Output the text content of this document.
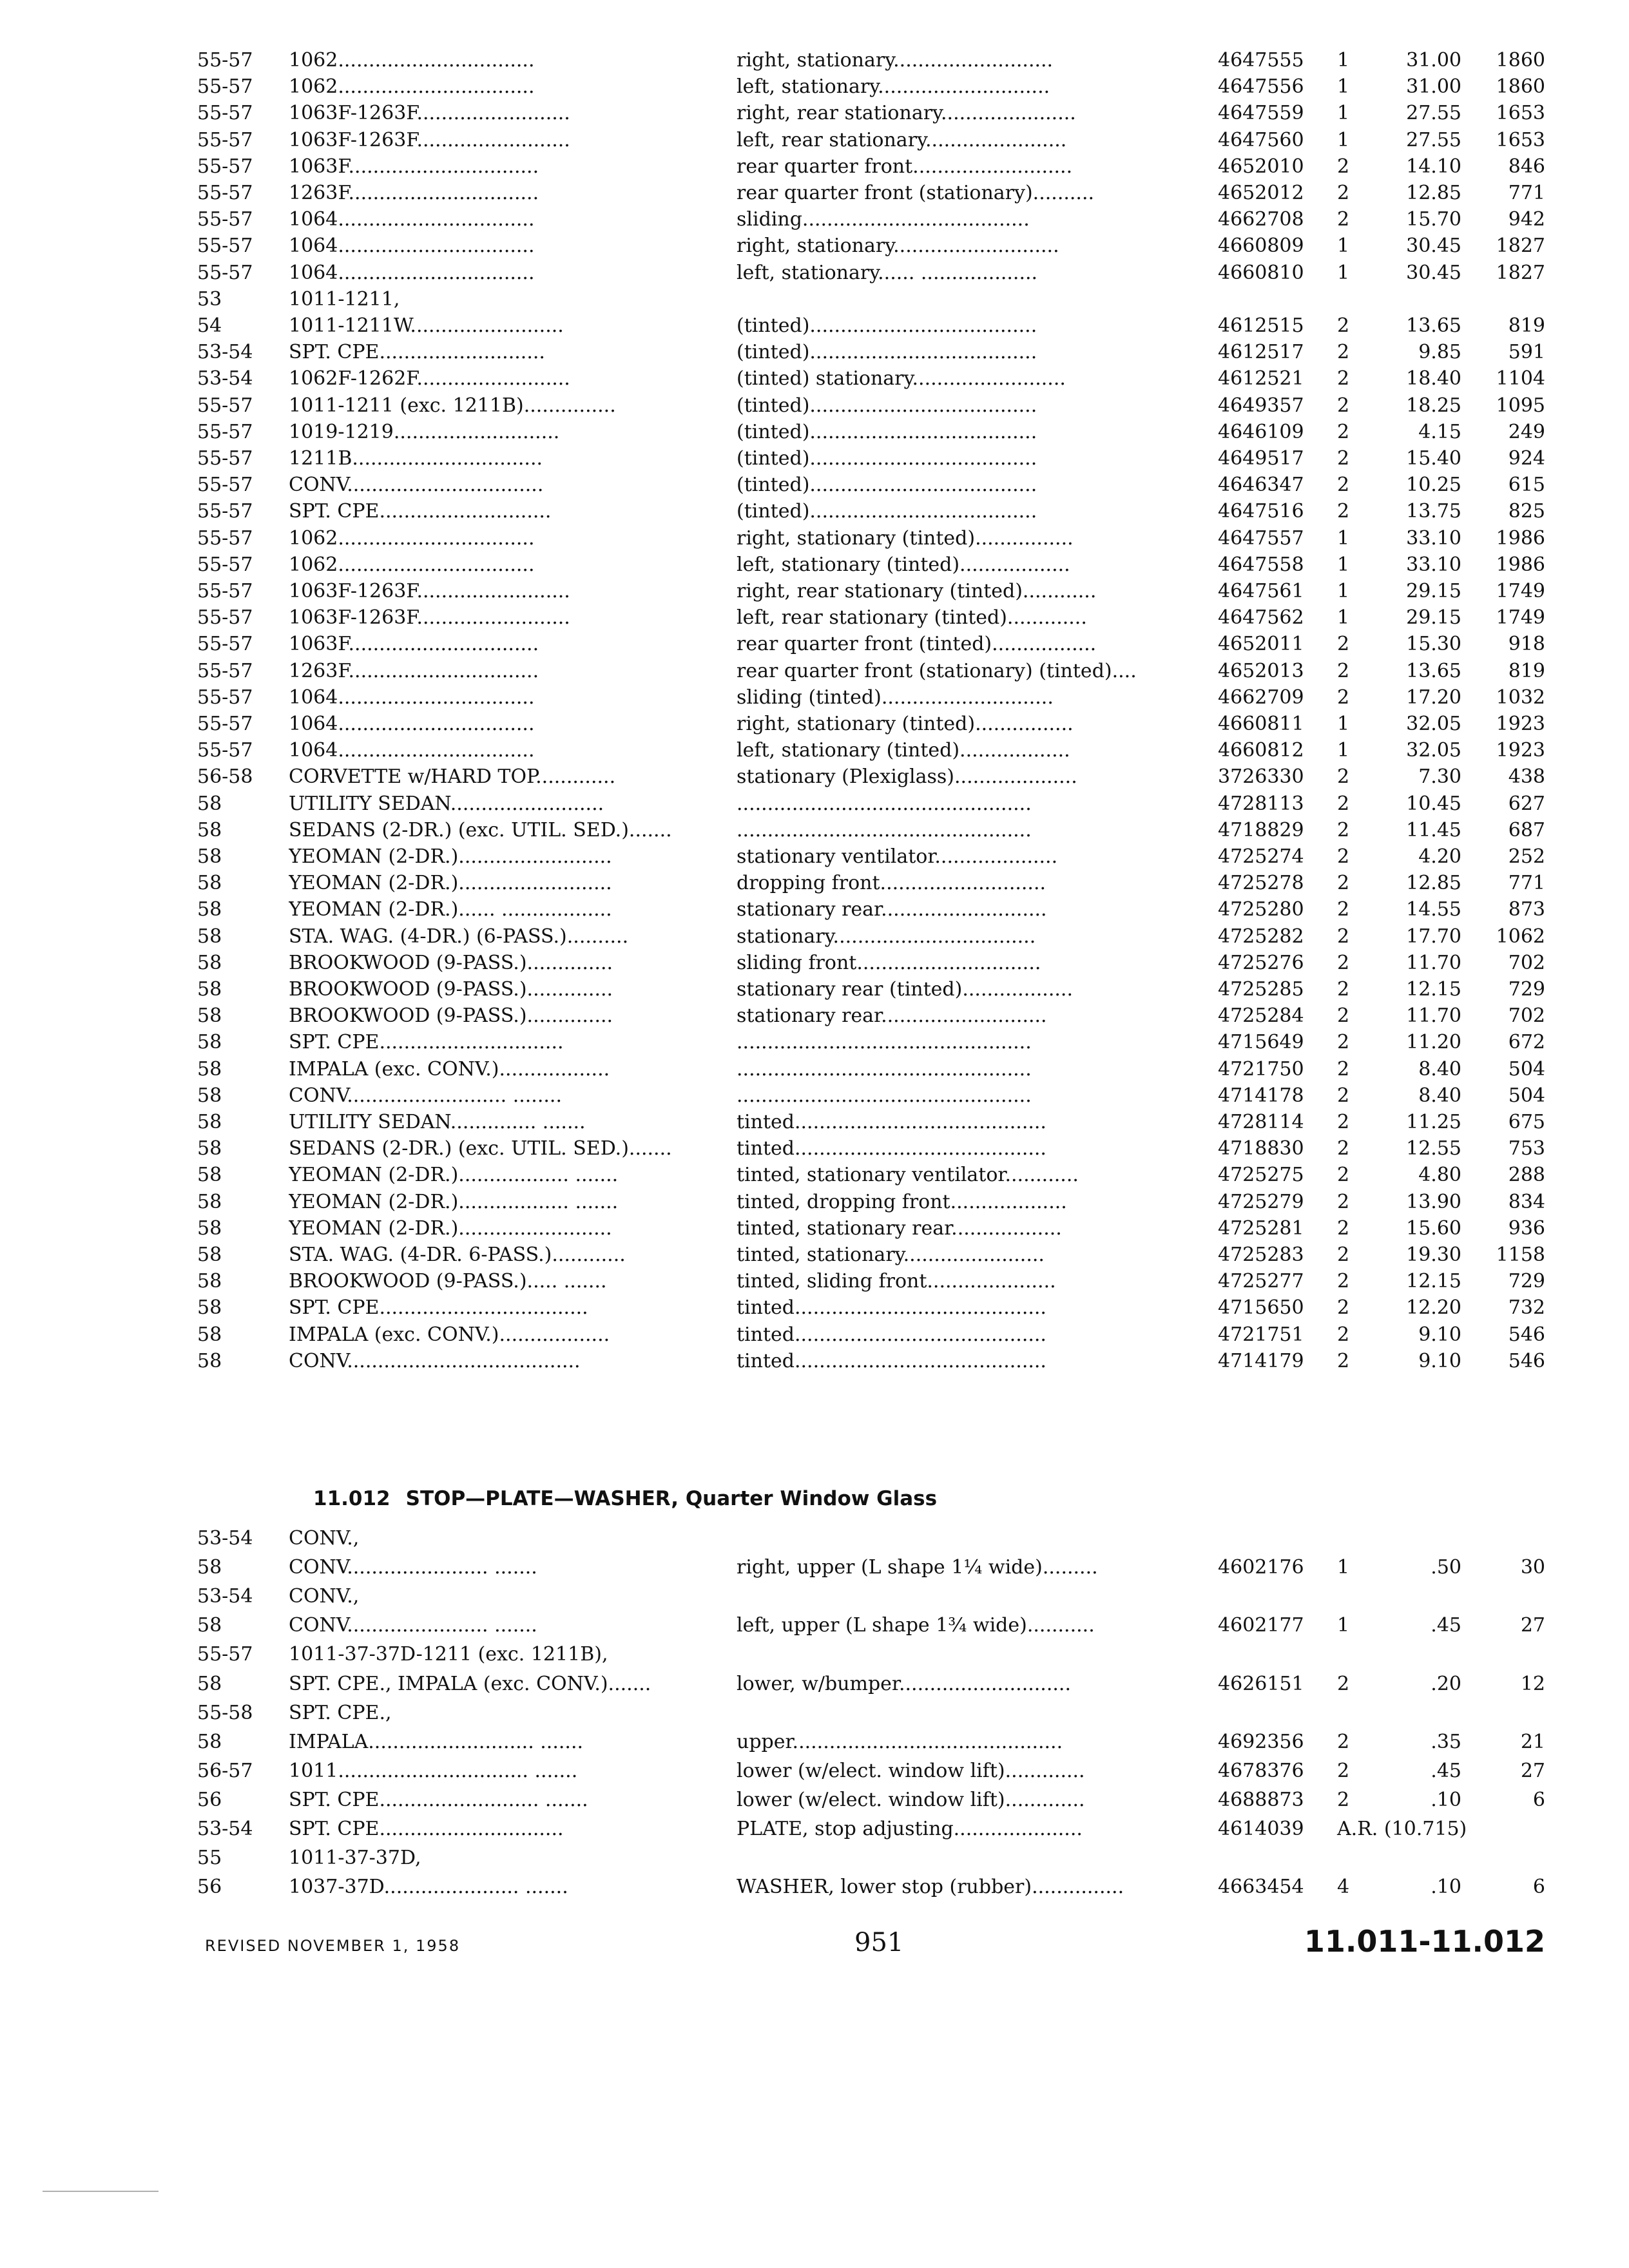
55-57 1062................................	right, stationary..........................	4647555 1	31.00 1860
55-57 1062................................	left, stationary............................	4647556 1	31.00 1860
55-57 1063F-1263F.........................	right, rear stationary......................	4647559 1	27.55 1653
55-57 1063F-1263F.........................	left, rear stationary.......................	4647560 1	27.55 1653
55-57 1063F...............................	rear quarter front..........................	4652010 2	14.10 846
55-57 1263F...............................	rear quarter front (stationary)..........	4652012 2	12.85 771
55-57 1064................................	sliding.....................................	4662708 2	15.70 942
55-57 1064................................	right, stationary...........................	4660809 1	30.45 1827
55-57 1064................................	left, stationary...... ...................	4660810 1	30.45 1827
53	1011-1211,
54	1011-1211W.........................	(tinted).....................................	4612515 2	13.65 819
53-54 SPT. CPE...........................	(tinted).....................................	4612517 2	9.85 591
53-54 1062F-1262F.........................	(tinted) stationary.........................	4612521 2	18.40 1104
55-57 1011-1211 (exc. 1211B)...............	(tinted).....................................	4649357 2	18.25 1095
55-57 1019-1219...........................	(tinted).....................................	4646109 2	4.15 249
55-57 1211B...............................	(tinted).....................................	4649517 2	15.40 924
55-57 CONV................................	(tinted).....................................	4646347 2	10.25 615
55-57 SPT. CPE............................	(tinted).....................................	4647516 2	13.75 825
55-57 1062................................	right, stationary (tinted)................	4647557 1	33.10 1986
55-57 1062................................	left, stationary (tinted)..................	4647558 1	33.10 1986
55-57 1063F-1263F.........................	right, rear stationary (tinted)............	4647561 1	29.15 1749
55-57 1063F-1263F.........................	left, rear stationary (tinted).............	4647562 1	29.15 1749
55-57 1063F...............................	rear quarter front (tinted).................	4652011 2	15.30 918
55-57 1263F...............................	rear quarter front (stationary) (tinted)....	4652013 2	13.65 819
55-57 1064................................	sliding (tinted)............................	4662709 2	17.20 1032
55-57 1064................................	right, stationary (tinted)................	4660811 1	32.05 1923
55-57 1064................................	left, stationary (tinted)..................	4660812 1	32.05 1923
56-58 CORVETTE w/HARD TOP.............	stationary (Plexiglass)....................	3726330 2	7.30 438
58	UTILITY SEDAN.........................	................................................	4728113 2	10.45 627
58	SEDANS (2-DR.) (exc. UTIL. SED.).......	................................................	4718829 2	11.45 687
58	YEOMAN (2-DR.).........................	stationary ventilator....................	4725274 2	4.20 252
58	YEOMAN (2-DR.).........................	dropping front...........................	4725278 2	12.85 771
58	YEOMAN (2-DR.)...... ..................	stationary rear...........................	4725280 2	14.55 873
58	STA. WAG. (4-DR.) (6-PASS.)..........	stationary.................................	4725282 2	17.70 1062
58	BROOKWOOD (9-PASS.)..............	sliding front..............................	4725276 2	11.70 702
58	BROOKWOOD (9-PASS.)..............	stationary rear (tinted)..................	4725285 2	12.15 729
58	BROOKWOOD (9-PASS.)..............	stationary rear...........................	4725284 2	11.70 702
58	SPT. CPE..............................	................................................	4715649 2	11.20 672
58	IMPALA (exc. CONV.)..................	................................................	4721750 2	8.40 504
58	CONV.......................... ........	................................................	4714178 2	8.40 504
58	UTILITY SEDAN.............. .......	tinted.........................................	4728114 2	11.25 675
58	SEDANS (2-DR.) (exc. UTIL. SED.).......	tinted.........................................	4718830 2	12.55 753
58	YEOMAN (2-DR.).................. .......	tinted, stationary ventilator............	4725275 2	4.80 288
58	YEOMAN (2-DR.).................. .......	tinted, dropping front...................	4725279 2	13.90 834
58	YEOMAN (2-DR.).........................	tinted, stationary rear..................	4725281 2	15.60 936
58	STA. WAG. (4-DR. 6-PASS.)............	tinted, stationary.......................	4725283 2	19.30 1158
58	BROOKWOOD (9-PASS.)..... .......	tinted, sliding front.....................	4725277 2	12.15 729
58	SPT. CPE..................................	tinted.........................................	4715650 2	12.20 732
58	IMPALA (exc. CONV.)..................	tinted.........................................	4721751 2	9.10 546
58	CONV......................................	tinted.........................................	4714179 2	9.10 546
11.012 STOP—PLATE—WASHER, Quarter Window Glass
53-54 CONV.,
58	CONV....................... .......	right, upper (L shape 1¼ wide).........	4602176 1	.50	30
53-54 CONV.,
58	CONV....................... .......	left, upper (L shape 1¾ wide)...........	4602177 1	.45	27
55-57 1011-37-37D-1211 (exc. 1211B),
58	SPT. CPE., IMPALA (exc. CONV.).......	lower, w/bumper............................	4626151 2	.20	12
55-58 SPT. CPE.,
58	IMPALA........................... .......	upper............................................	4692356 2	.35	21
56-57 1011............................... .......	lower (w/elect. window lift).............	4678376 2	.45	27
56	SPT. CPE.......................... .......	lower (w/elect. window lift).............	4688873 2	.10	6
53-54 SPT. CPE..............................	PLATE, stop adjusting.....................	4614039 A.R. (10.715)
55	1011-37-37D,
56	1037-37D...................... .......	WASHER, lower stop (rubber)...............	4663454 4	.10	6
REVISED NOVEMBER 1, 1958	951	11.011-11.012
